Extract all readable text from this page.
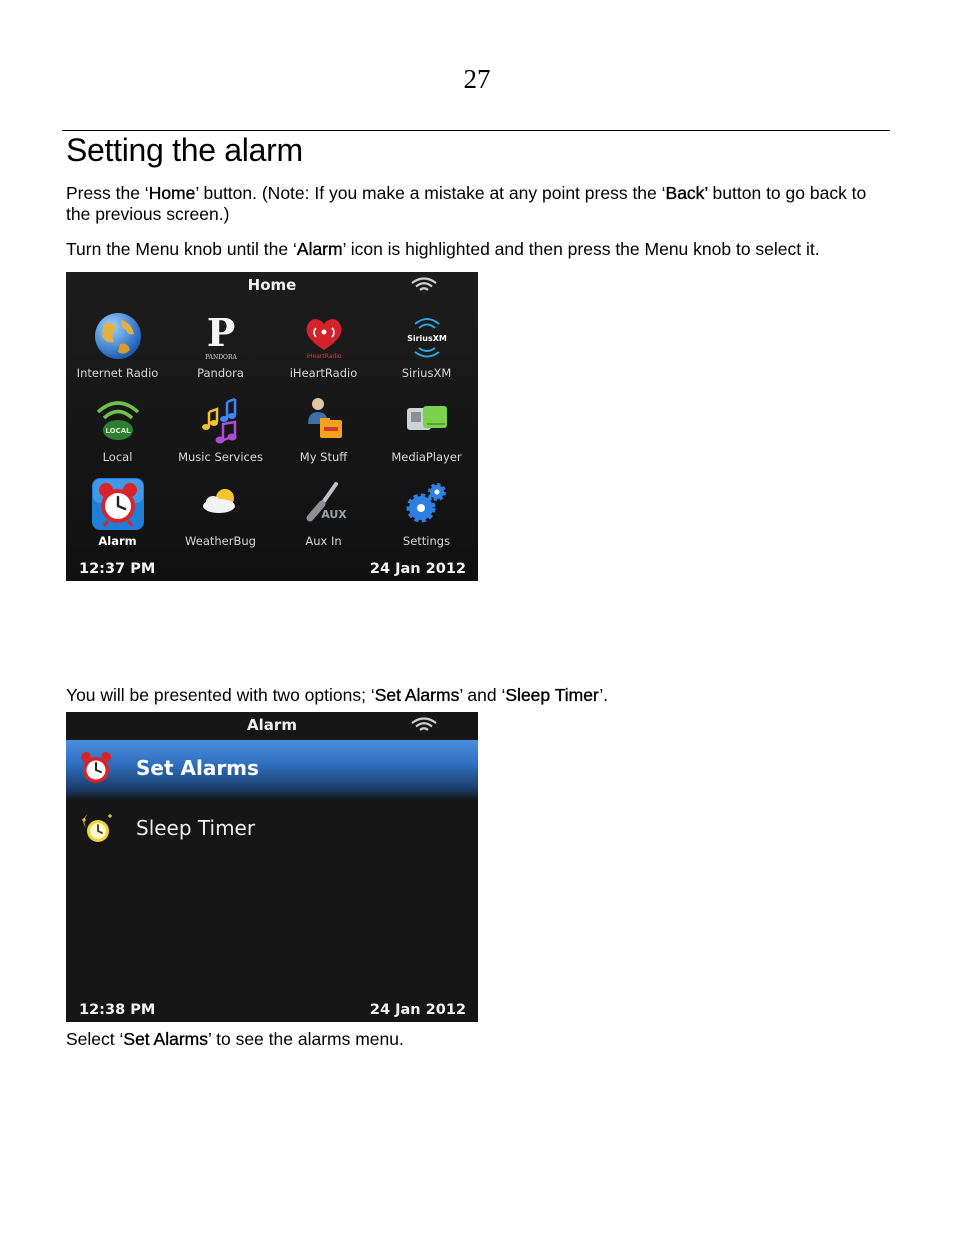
27
Setting the alarm

Press the ‘Home’ button. (Note: If you make a mistake at any point press the ‘Back’ button to go back to the previous screen.)

Turn the Menu knob until the ‘Alarm’ icon is highlighted and then press the Menu knob to select it.

Home
Internet Radio
P
PANDORA
Pandora
iHeartRadio
iHeartRadio
SiriusXM
SiriusXM
LOCAL
Local	Music Services	My Stuff	MediaPlayer
Alarm	WeatherBug
AUX
Aux In	Settings
12:37 PM	24 Jan 2012

You will be presented with two options; ‘Set Alarms’ and ‘Sleep Timer’.

Alarm
Set Alarms
Sleep Timer
12:38 PM	24 Jan 2012

Select ‘Set Alarms’ to see the alarms menu.
